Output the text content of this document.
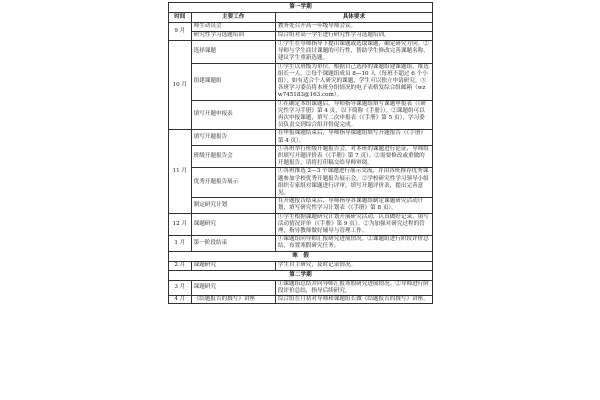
第一学期		
时间	主要工作	具体要求
9 月	师生动员会	教务处召开高一年级导师会议。
	研究性学习选题培训	综合组对高一学生进行研究性学习选题培训。
10 月	选择课题	①学生在导师指导下提出课题或选取课题，确定研究方向。②导师与学生商讨课题的可行性，帮助学生修改完善课题名称，建议学生重新选题。
	组建课题组	①学生以班级为单位，根据自己选择的课题组建课题组，推选组长一人。②每个课题组成员 8—10 人（每班不超过 6 个小组），如有适合个人研究的课题，学生可以独立申请研究。③各班学习委员将本班分组情况的电子表格发综合组邮箱（wzw745183@163.com）。
	填写开题申报表	①在确定本组课题后，导师指导课题组填写课题申报表（《研究性学习手册》第 4 页，以下简称《手册》）。②课题组可以再次申报课题，填写二次申报表（《手册》第 5 页），学习委员负责交到综合组并督促完成。
11 月	填写开题报告	在申报课题结束后，导师指导课题组填写开题报告（《手册》第 4 页）。
	班级开题报告会	①各班举行班级开题报告会，对本班的课题进行论证，导师组织填写开题评价表（《手册》第 7 页）。②需要修改或重做的开题报告，请将打印稿交给导师审阅。
	优秀开题报告展示	①各班推选 2—3 个课题进行展示交流，并由各班推荐优秀课题参加学校优秀开题报告展示会。②学校研究性学习领导小组组织专家组对课题进行评审，填写开题评价表，提出完善意见。
	制定研究计划	在开题报告结束后，导师指导各课题组制定课题研究活动计划，填写研究性学习计划表（《手册》第 8 页）。
12 月	课题研究	①学生根据课题研究计划开展研究活动，认真做好记录，填写活动情况评单（《手册》第 9 页）。②为加强对研究过程的管理，指导教师做好辅导与管理工作。
1 月	第一阶段结束	①课题组向导师汇报研究进展情况。②课题组进行阶段评价总结，布置寒假研究任务。
寒　假		
2 月	课题研究	学生自主研究，及时记录情况。
第二学期		
3 月	课题研究	①课题组总结并向导师汇报寒假研究进展情况。②导师进行阶段评价总结，指导后续研究。
4 月	《结题报告的撰写》讲座	综合组在月初对导师和课题组长做《结题报告的撰写》讲座。
